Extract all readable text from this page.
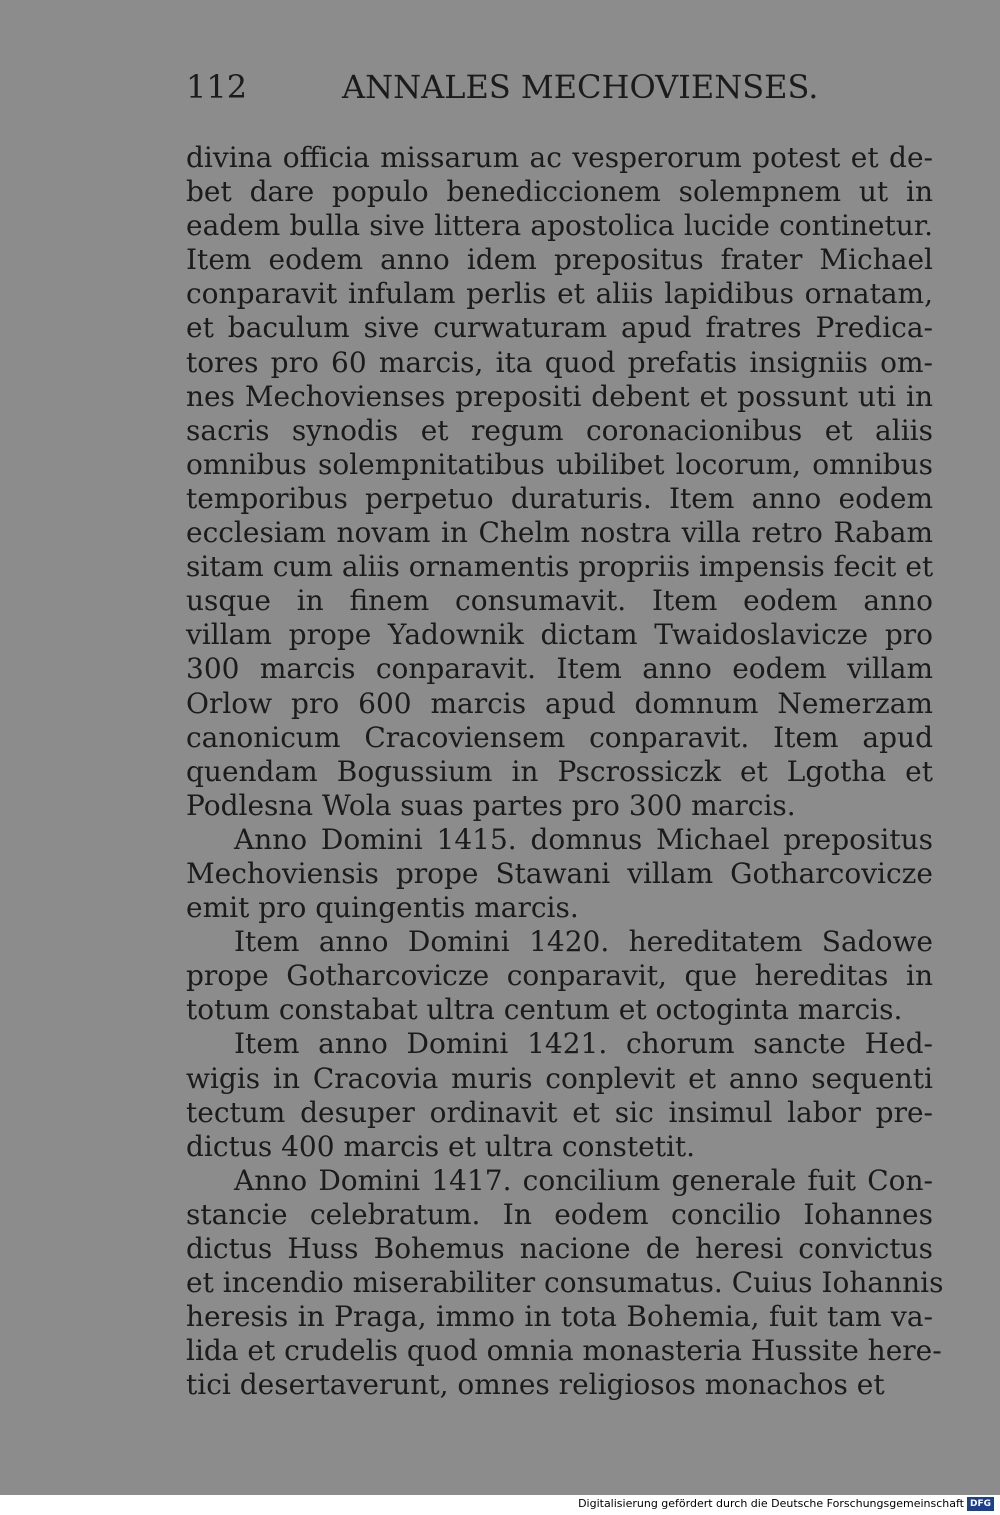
112	ANNALES MECHOVIENSES.
divina officia missarum ac vesperorum potest et de-
bet dare populo benediccionem solempnem ut in
eadem bulla sive littera apostolica lucide continetur.
Item eodem anno idem prepositus frater Michael
conparavit infulam perlis et aliis lapidibus ornatam,
et baculum sive curwaturam apud fratres Predica-
tores pro 60 marcis, ita quod prefatis insigniis om-
nes Mechovienses prepositi debent et possunt uti in
sacris synodis et regum coronacionibus et aliis
omnibus solempnitatibus ubilibet locorum, omnibus
temporibus perpetuo duraturis. Item anno eodem
ecclesiam novam in Chelm nostra villa retro Rabam
sitam cum aliis ornamentis propriis impensis fecit et
usque in finem consumavit. Item eodem anno
villam prope Yadownik dictam Twaidoslavicze pro
300 marcis conparavit. Item anno eodem villam
Orlow pro 600 marcis apud domnum Nemerzam
canonicum Cracoviensem conparavit. Item apud
quendam Bogussium in Pscrossiczk et Lgotha et
Podlesna Wola suas partes pro 300 marcis.
Anno Domini 1415. domnus Michael prepositus
Mechoviensis prope Stawani villam Gotharcovicze
emit pro quingentis marcis.
Item anno Domini 1420. hereditatem Sadowe
prope Gotharcovicze conparavit, que hereditas in
totum constabat ultra centum et octoginta marcis.
Item anno Domini 1421. chorum sancte Hed-
wigis in Cracovia muris conplevit et anno sequenti
tectum desuper ordinavit et sic insimul labor pre-
dictus 400 marcis et ultra constetit.
Anno Domini 1417. concilium generale fuit Con-
stancie celebratum. In eodem concilio Iohannes
dictus Huss Bohemus nacione de heresi convictus
et incendio miserabiliter consumatus. Cuius Iohannis
heresis in Praga, immo in tota Bohemia, fuit tam va-
lida et crudelis quod omnia monasteria Hussite here-
tici desertaverunt, omnes religiosos monachos et
Digitalisierung gefördert durch die Deutsche Forschungsgemeinschaft DFG
